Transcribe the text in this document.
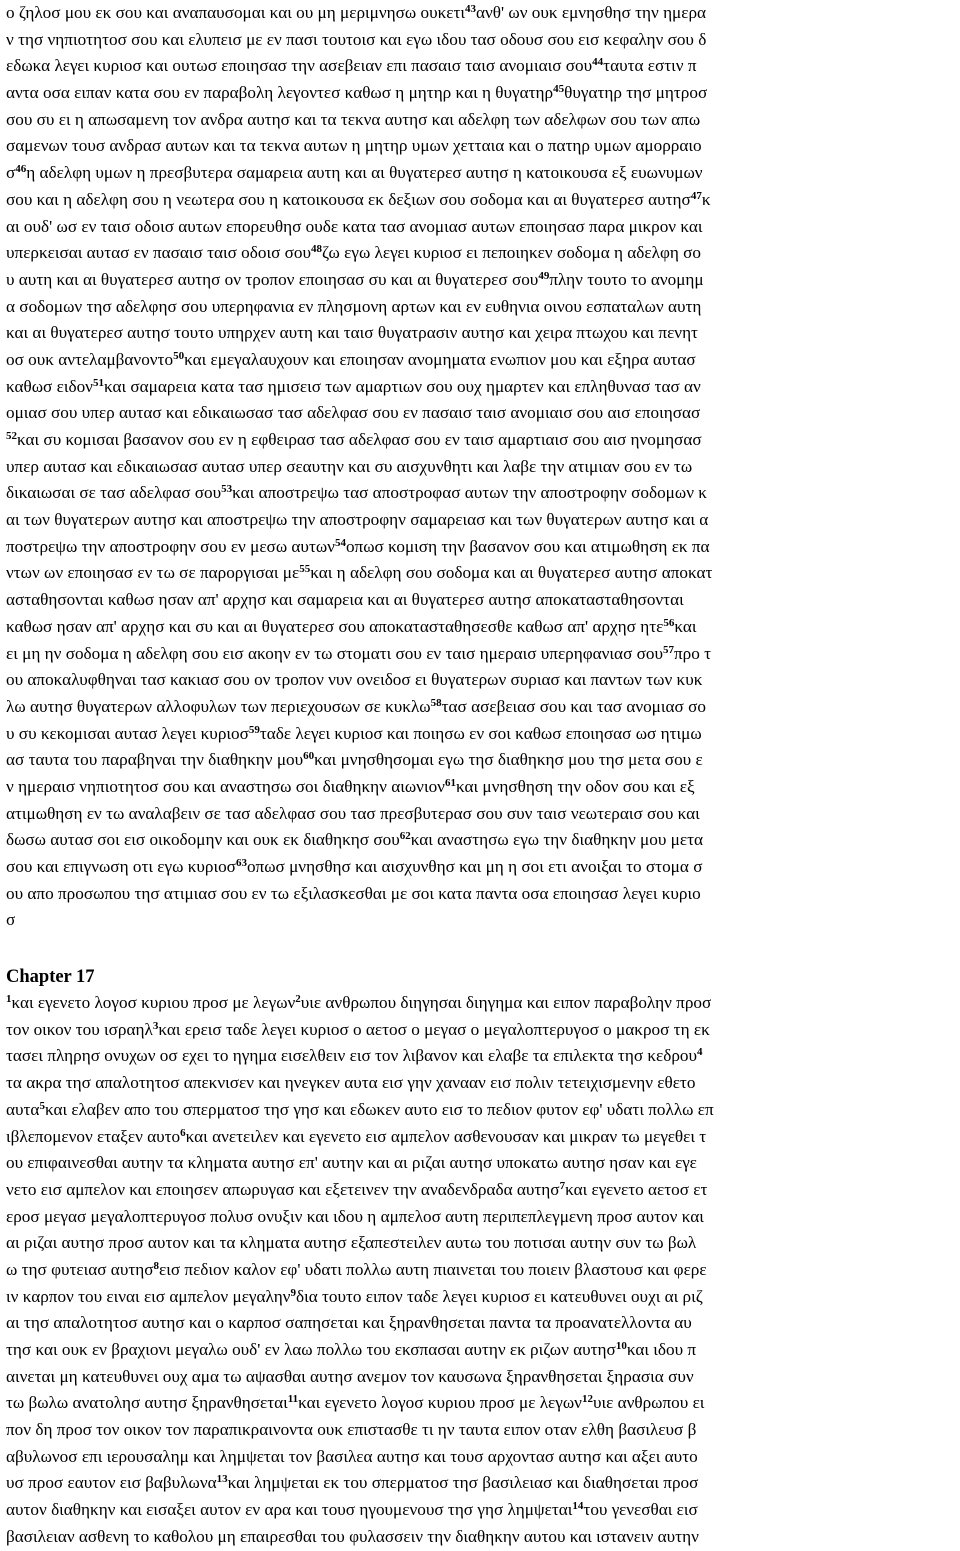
ο ζηλοσ μου εκ σου και αναπαυσομαι και ου μη μεριμνησω ουκετι$^{43}$ανθ' ων ουκ εμνησθησ την ημερα
ν τησ νηπιοτητοσ σου και ελυπεισ με εν πασι τουτοισ και εγω ιδου τασ οδουσ σου εισ κεφαλην σου δ
εδωκα λεγει κυριοσ και ουτωσ εποιησασ την ασεβειαν επι πασαισ ταισ ανομιαισ σου$^{44}$ταυτα εστιν π
αντα οσα ειπαν κατα σου εν παραβολη λεγοντεσ καθωσ η μητηρ και η θυγατηρ$^{45}$θυγατηρ τησ μητροσ
σου συ ει η απωσαμενη τον ανδρα αυτησ και τα τεκνα αυτησ και αδελφη των αδελφων σου των απω
σαμενων τουσ ανδρασ αυτων και τα τεκνα αυτων η μητηρ υμων χετταια και ο πατηρ υμων αμορραιο
$\sigma^{46}\eta$ αδελφη υμων η πρεσβυτερα σαμαρεια αυτη και αι θυγατερεσ αυτησ η κατοικουσα εξ ευωνυμων
σου και η αδελφη σου η νεωτερα σου η κατοικουσα εκ δεξιων σου σοδομα και αι θυγατερεσ αυτησ$^{47}$κ
αι ουδ' ωσ εν ταισ οδοισ αυτων επορευθησ ουδε κατα τασ ανομιασ αυτων εποιησασ παρα μικρον και
υπερκεισαι αυτασ εν πασαισ ταισ οδοισ σου$^{48}$ζω εγω λεγει κυριοσ ει πεποιηκεν σοδομα η αδελφη σο
υ αυτη και αι θυγατερεσ αυτησ ον τροπον εποιησασ συ και αι θυγατερεσ σου$^{49}$πλην τουτο το ανομημ
α σοδομων τησ αδελφησ σου υπερηφανια εν πλησμονη αρτων και εν ευθηνια οινου εσπαταλων αυτη
και αι θυγατερεσ αυτησ τουτο υπηρχεν αυτη και ταισ θυγατρασιν αυτησ και χειρα πτωχου και πενητ
οσ ουκ αντελαμβανοντο$^{50}$και εμεγαλαυχουν και εποιησαν ανομηματα ενωπιον μου και εξηρα αυτασ
καθωσ ειδον$^{51}$και σαμαρεια κατα τασ ημισεισ των αμαρτιων σου ουχ ημαρτεν και επληθυνασ τασ αν
ομιασ σου υπερ αυτασ και εδικαιωσασ τασ αδελφασ σου εν πασαισ ταισ ανομιαισ σου αισ εποιησασ
$^{52}$και συ κομισαι βασανον σου εν η εφθειρασ τασ αδελφασ σου εν ταισ αμαρτιαισ σου αισ ηνομησασ
υπερ αυτασ και εδικαιωσασ αυτασ υπερ σεαυτην και συ αισχυνθητι και λαβε την ατιμιαν σου εν τω
δικαιωσαι σε τασ αδελφασ σου$^{53}$και αποστρεψω τασ αποστροφασ αυτων την αποστροφην σοδομων κ
αι των θυγατερων αυτησ και αποστρεψω την αποστροφην σαμαρειασ και των θυγατερων αυτησ και α
ποστρεψω την αποστροφην σου εν μεσω αυτων$^{54}$οπωσ κομιση την βασανον σου και ατιμωθηση εκ πα
ντων ων εποιησασ εν τω σε παροργισαι $\mu\varepsilon^{55}\kappa\alpha\iota$ η αδελφη σου σοδομα και αι θυγατερεσ αυτησ αποκατ
ασταθησονται καθωσ ησαν απ' αρχησ και σαμαρεια και αι θυγατερεσ αυτησ αποκατασταθησονται
καθωσ ησαν απ' αρχησ και συ και αι θυγατερεσ σου αποκατασταθησεσθε καθωσ απ' αρχησ ητε$^{56}$και
ει μη ην σοδομα η αδελφη σου εισ ακοην εν τω στοματι σου εν ταισ ημεραισ υπερηφανιασ σου$^{57}$προ τ
ου αποκαλυφθηναι τασ κακιασ σου ον τροπον νυν ονειδοσ ει θυγατερων συριασ και παντων των κυκ
λω αυτησ θυγατερων αλλοφυλων των περιεχουσων σε κυκλω$^{58}$τασ ασεβειασ σου και τασ ανομιασ σο
υ συ κεκομισαι αυτασ λεγει κυριοσ$^{59}$ταδε λεγει κυριοσ και ποιησω εν σοι καθωσ εποιησασ ωσ ητιμω
ασ ταυτα του παραβηναι την διαθηκην μου$^{60}$και μνησθησομαι εγω τησ διαθηκησ μου τησ μετα σου ε
ν ημεραισ νηπιοτητοσ σου και αναστησω σοι διαθηκην αιωνιον$^{61}$και μνησθηση την οδον σου και εξ
ατιμωθηση εν τω αναλαβειν σε τασ αδελφασ σου τασ πρεσβυτερασ σου συν ταισ νεωτεραισ σου και
δωσω αυτασ σοι εισ οικοδομην και ουκ εκ διαθηκησ σου$^{62}$και αναστησω εγω την διαθηκην μου μετα
σου και επιγνωση οτι εγω κυριοσ$^{63}$οπωσ μνησθησ και αισχυνθησ και μη η σοι ετι ανοιξαι το στομα σ
ου απο προσωπου τησ ατιμιασ σου εν τω εξιλασκεσθαι με σοι κατα παντα οσα εποιησασ λεγει κυριο
σ
Chapter 17
$^1$και εγενετο λογοσ κυριου προσ με λεγων$^2$υιε ανθρωπου διηγησαι διηγημα και ειπον παραβολην προσ
τον οικον του ισραηλ$^3$και ερεισ ταδε λεγει κυριοσ ο αετοσ ο μεγασ ο μεγαλοπτερυγοσ ο μακροσ τη εκ
τασει πληρησ ονυχων οσ εχει το ηγημα εισελθειν εισ τον λιβανον και ελαβε τα επιλεκτα τησ κεδρου$^4$
τα ακρα τησ απαλοτητοσ απεκνισεν και ηνεγκεν αυτα εισ γην χανααν εισ πολιν τετειχισμενην εθετο
αυτα$^5$και ελαβεν απο του σπερματοσ τησ γησ και εδωκεν αυτο εισ το πεδιον φυτον εφ' υδατι πολλω επ
ιβλεπομενον εταξεν αυτο$^6$και ανετειλεν και εγενετο εισ αμπελον ασθενουσαν και μικραν τω μεγεθει τ
ου επιφαινεσθαι αυτην τα κληματα αυτησ επ' αυτην και αι ριζαι αυτησ υποκατω αυτησ ησαν και εγε
νετο εισ αμπελον και εποιησεν απωρυγασ και εξετεινεν την αναδενδραδα αυτησ$^7$και εγενετο αετοσ ετ
εροσ μεγασ μεγαλοπτερυγοσ πολυσ ονυξιν και ιδου η αμπελοσ αυτη περιπεπλεγμενη προσ αυτον και
αι ριζαι αυτησ προσ αυτον και τα κληματα αυτησ εξαπεστειλεν αυτω του ποτισαι αυτην συν τω βωλ
ω τησ φυτειασ αυτησ$^8$εισ πεδιον καλον εφ' υδατι πολλω αυτη πιαινεται του ποιειν βλαστουσ και φερε
ιν καρπον του ειναι εισ αμπελον μεγαλην$^9$δια τουτο ειπον ταδε λεγει κυριοσ ει κατευθυνει ουχι αι ριζ
αι τησ απαλοτητοσ αυτησ και ο καρποσ σαπησεται και ξηρανθησεται παντα τα προανατελλοντα αυ
τησ και ουκ εν βραχιονι μεγαλω ουδ' εν λαω πολλω του εκσπασαι αυτην εκ ριζων αυτησ$^{10}$και ιδου π
αινεται μη κατευθυνει ουχ αμα τω αψασθαι αυτησ ανεμον τον καυσωνα ξηρανθησεται ξηρασια συν
τω βωλω ανατολησ αυτησ ξηρανθησεται$^{11}$και εγενετο λογοσ κυριου προσ με λεγων$^{12}$υιε ανθρωπου ει
πον δη προσ τον οικον τον παραπικραινοντα ουκ επιστασθε τι ην ταυτα ειπον οταν ελθη βασιλευσ β
αβυλωνοσ επι ιερουσαλημ και λημψεται τον βασιλεα αυτησ και τουσ αρχοντασ αυτησ και αξει αυτο
υσ προσ εαυτον εισ βαβυλωνα$^{13}$και λημψεται εκ του σπερματοσ τησ βασιλειασ και διαθησεται προσ
αυτον διαθηκην και εισαξει αυτον εν αρα και τουσ ηγουμενουσ τησ γησ λημψεται$^{14}$του γενεσθαι εισ
βασιλειαν ασθενη το καθολου μη επαιρεσθαι του φυλασσειν την διαθηκην αυτου και ιστανειν αυτην
